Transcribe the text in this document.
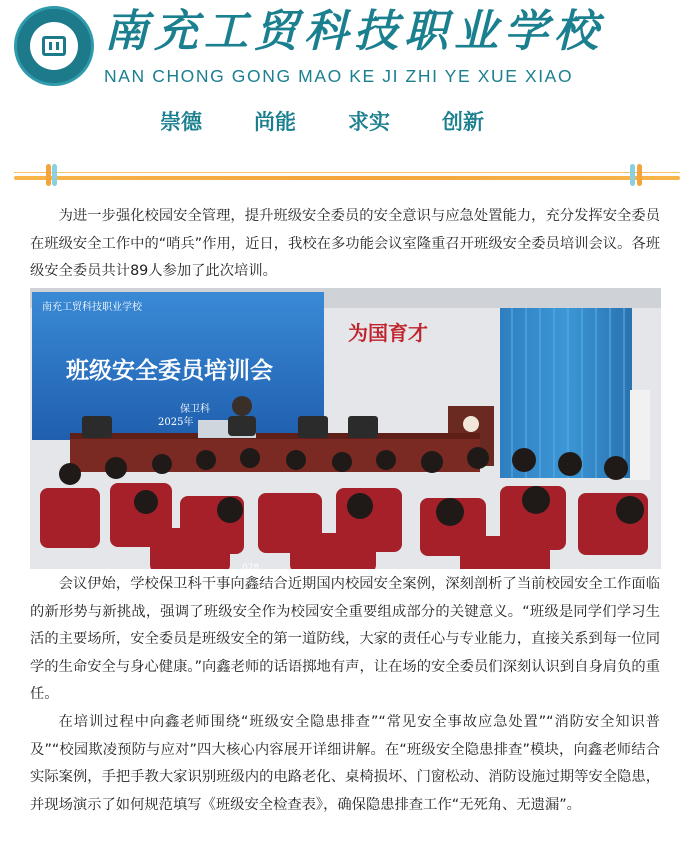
南充工贸科技职业学校
NAN CHONG GONG MAO KE JI ZHI YE XUE XIAO
崇德 尚能 求实 创新

为进一步强化校园安全管理，提升班级安全委员的安全意识与应急处置能力，充分发挥安全委员在班级安全工作中的“哨兵”作用，近日，我校在多功能会议室隆重召开班级安全委员培训会议。各班级安全委员共计89人参加了此次培训。

南充工贸科技职业学校
班级安全委员培训会
保卫科
2025年
为国育才
078

会议伊始，学校保卫科干事向鑫结合近期国内校园安全案例，深刻剖析了当前校园安全工作面临的新形势与新挑战，强调了班级安全作为校园安全重要组成部分的关键意义。“班级是同学们学习生活的主要场所，安全委员是班级安全的第一道防线，大家的责任心与专业能力，直接关系到每一位同学的生命安全与身心健康。”向鑫老师的话语掷地有声，让在场的安全委员们深刻认识到自身肩负的重任。

在培训过程中向鑫老师围绕“班级安全隐患排查”“常见安全事故应急处置”“消防安全知识普及”“校园欺凌预防与应对”四大核心内容展开详细讲解。在“班级安全隐患排查”模块，向鑫老师结合实际案例，手把手教大家识别班级内的电路老化、桌椅损坏、门窗松动、消防设施过期等安全隐患，并现场演示了如何规范填写《班级安全检查表》，确保隐患排查工作“无死角、无遗漏”。
